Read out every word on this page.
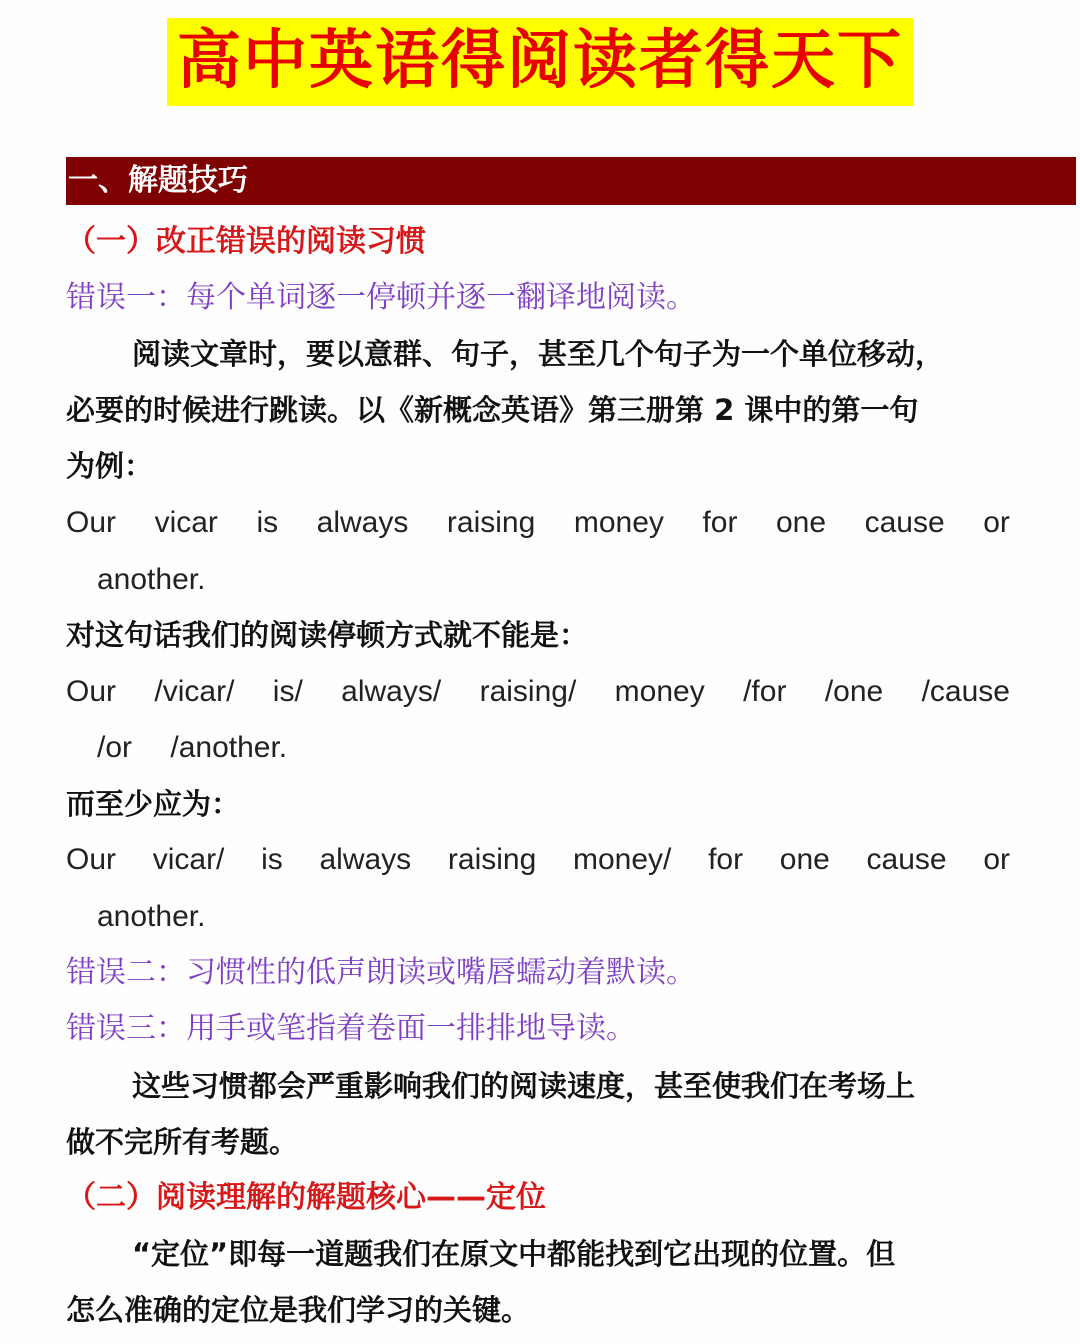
高中英语得阅读者得天下
一、解题技巧
（一）改正错误的阅读习惯
错误一：每个单词逐一停顿并逐一翻译地阅读。
阅读文章时，要以意群、句子，甚至几个句子为一个单位移动，
必要的时候进行跳读。以《新概念英语》第三册第 2 课中的第一句
为例：
Our vicar is always raising money for one cause or
another.
对这句话我们的阅读停顿方式就不能是：
Our /vicar/ is/ always/ raising/ money /for /one /cause
/or /another.
而至少应为：
Our vicar/ is always raising money/ for one cause or
another.
错误二：习惯性的低声朗读或嘴唇蠕动着默读。
错误三：用手或笔指着卷面一排排地导读。
这些习惯都会严重影响我们的阅读速度，甚至使我们在考场上
做不完所有考题。
（二）阅读理解的解题核心——定位
“定位”即每一道题我们在原文中都能找到它出现的位置。但
怎么准确的定位是我们学习的关键。
